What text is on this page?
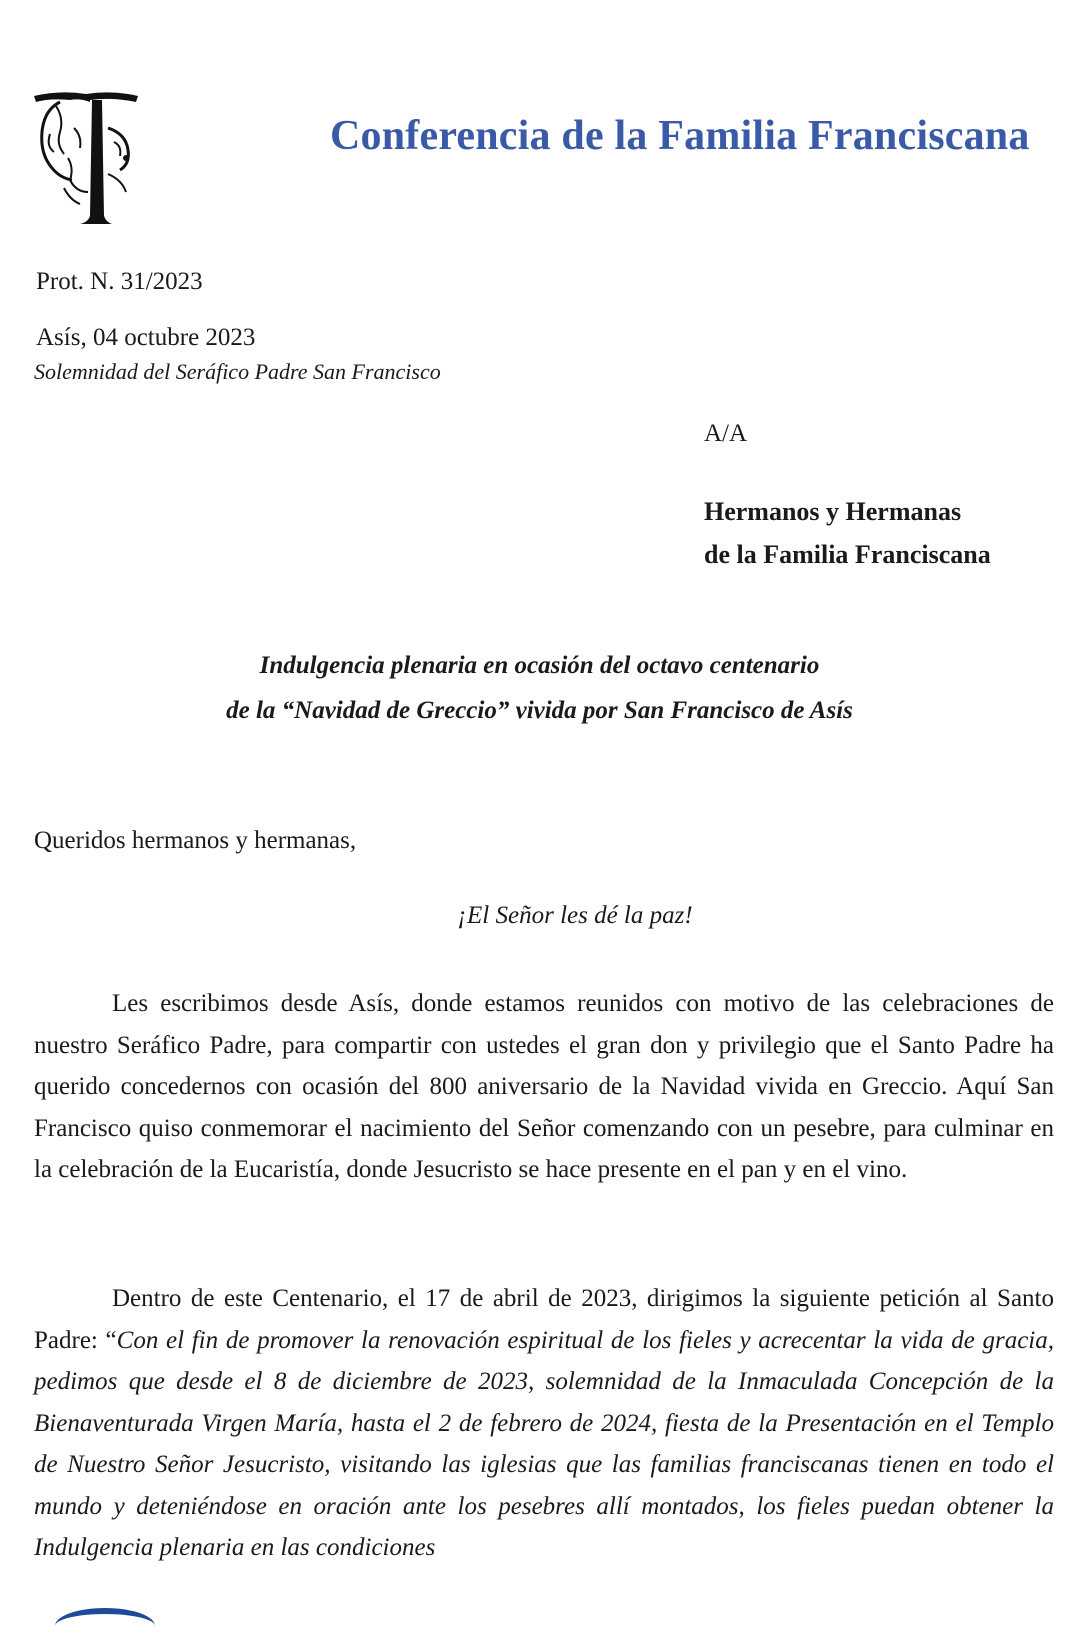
Conferencia de la Familia Franciscana
Prot. N. 31/2023
Asís, 04 octubre 2023
Solemnidad del Seráfico Padre San Francisco
A/A
Hermanos y Hermanas
de la Familia Franciscana
Indulgencia plenaria en ocasión del octavo centenario
de la “Navidad de Greccio” vivida por San Francisco de Asís
Queridos hermanos y hermanas,
¡El Señor les dé la paz!
Les escribimos desde Asís, donde estamos reunidos con motivo de las celebraciones de nuestro Seráfico Padre, para compartir con ustedes el gran don y privilegio que el Santo Padre ha querido concedernos con ocasión del 800 aniversario de la Navidad vivida en Greccio. Aquí San Francisco quiso conmemorar el nacimiento del Señor comenzando con un pesebre, para culminar en la celebración de la Eucaristía, donde Jesucristo se hace presente en el pan y en el vino.
Dentro de este Centenario, el 17 de abril de 2023, dirigimos la siguiente petición al Santo Padre: “Con el fin de promover la renovación espiritual de los fieles y acrecentar la vida de gracia, pedimos que desde el 8 de diciembre de 2023, solemnidad de la Inmaculada Concepción de la Bienaventurada Virgen María, hasta el 2 de febrero de 2024, fiesta de la Presentación en el Templo de Nuestro Señor Jesucristo, visitando las iglesias que las familias franciscanas tienen en todo el mundo y deteniéndose en oración ante los pesebres allí montados, los fieles puedan obtener la Indulgencia plenaria en las condiciones
